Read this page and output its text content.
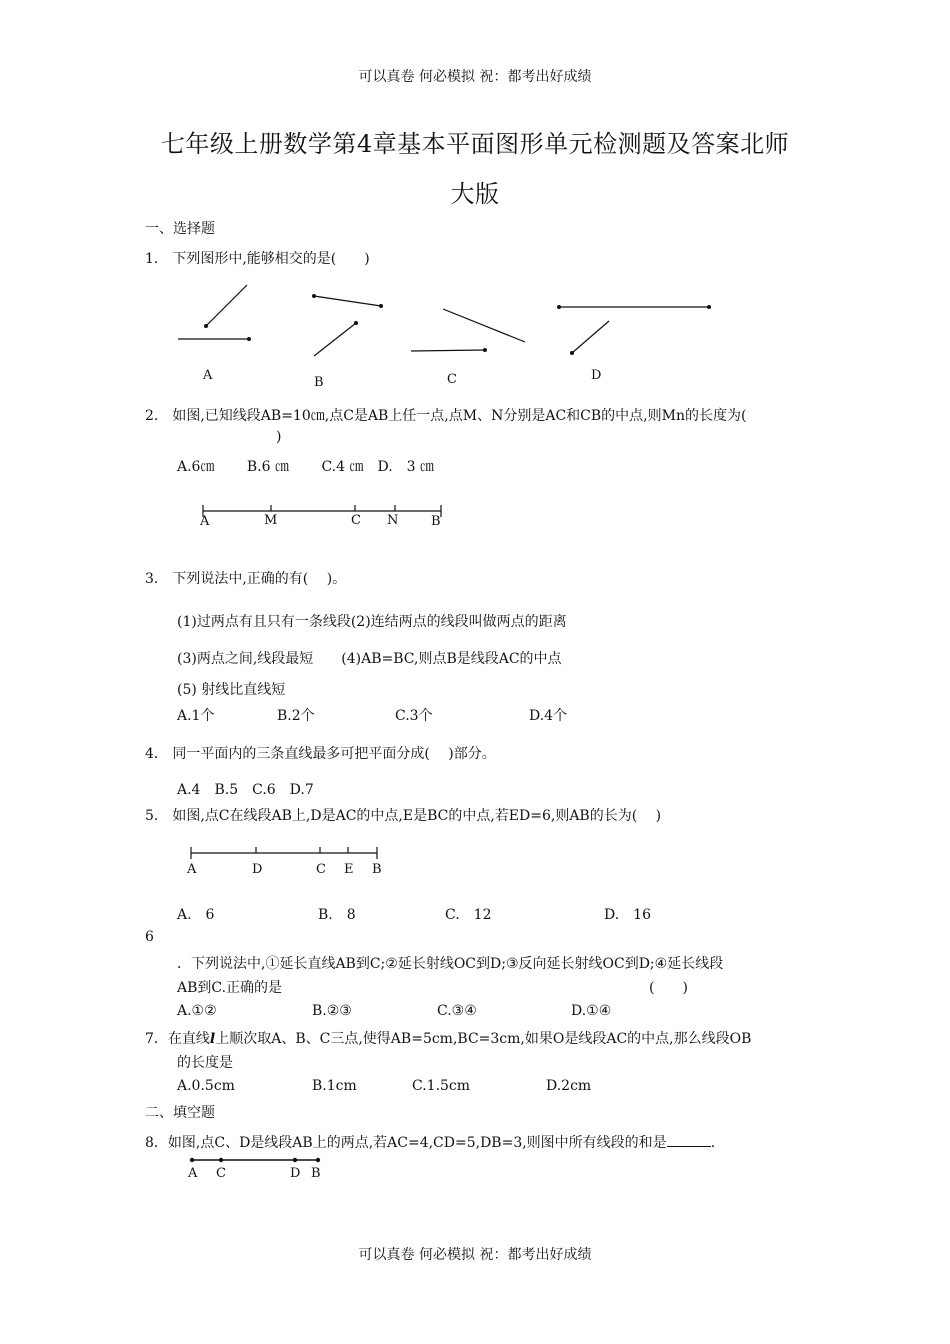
可以真卷 何必模拟 祝：都考出好成绩
可以真卷 何必模拟 祝：都考出好成绩
七年级上册数学第4章基本平面图形单元检测题及答案北师
大版
一、选择题
1． 下列图形中,能够相交的是(　　)
A	B	C	D
2． 如图,已知线段AB=10㎝,点C是AB上任一点,点M、N分别是AC和CB的中点,则Mn的长度为(
)
A.6㎝　　 B.6 ㎝　　 C.4 ㎝　D.　3 ㎝
A	M	C N	B
3． 下列说法中,正确的有(　 )。
(1)过两点有且只有一条线段(2)连结两点的线段叫做两点的距离
(3)两点之间,线段最短　　(4)AB=BC,则点B是线段AC的中点
(5) 射线比直线短
A.1个	B.2个	C.3个	D.4个
4． 同一平面内的三条直线最多可把平面分成(　 )部分。
A.4　B.5　C.6　D.7
5． 如图,点C在线段AB上,D是AC的中点,E是BC的中点,若ED=6,则AB的长为(　 )
A	D	C E B
A.　6	B.　8	C.　12	D.　16
6
．下列说法中,①延长直线AB到C;②延长射线OC到D;③反向延长射线OC到D;④延长线段
AB到C.正确的是	(　　)
A.①②	B.②③	C.③④	D.①④
7．在直线l上顺次取A、B、C三点,使得AB=5cm,BC=3cm,如果O是线段AC的中点,那么线段OB
的长度是
A.0.5cm	B.1cm	C.1.5cm	D.2cm
二、填空题
8．如图,点C、D是线段AB上的两点,若AC=4,CD=5,DB=3,则图中所有线段的和是	.
A C	D B
